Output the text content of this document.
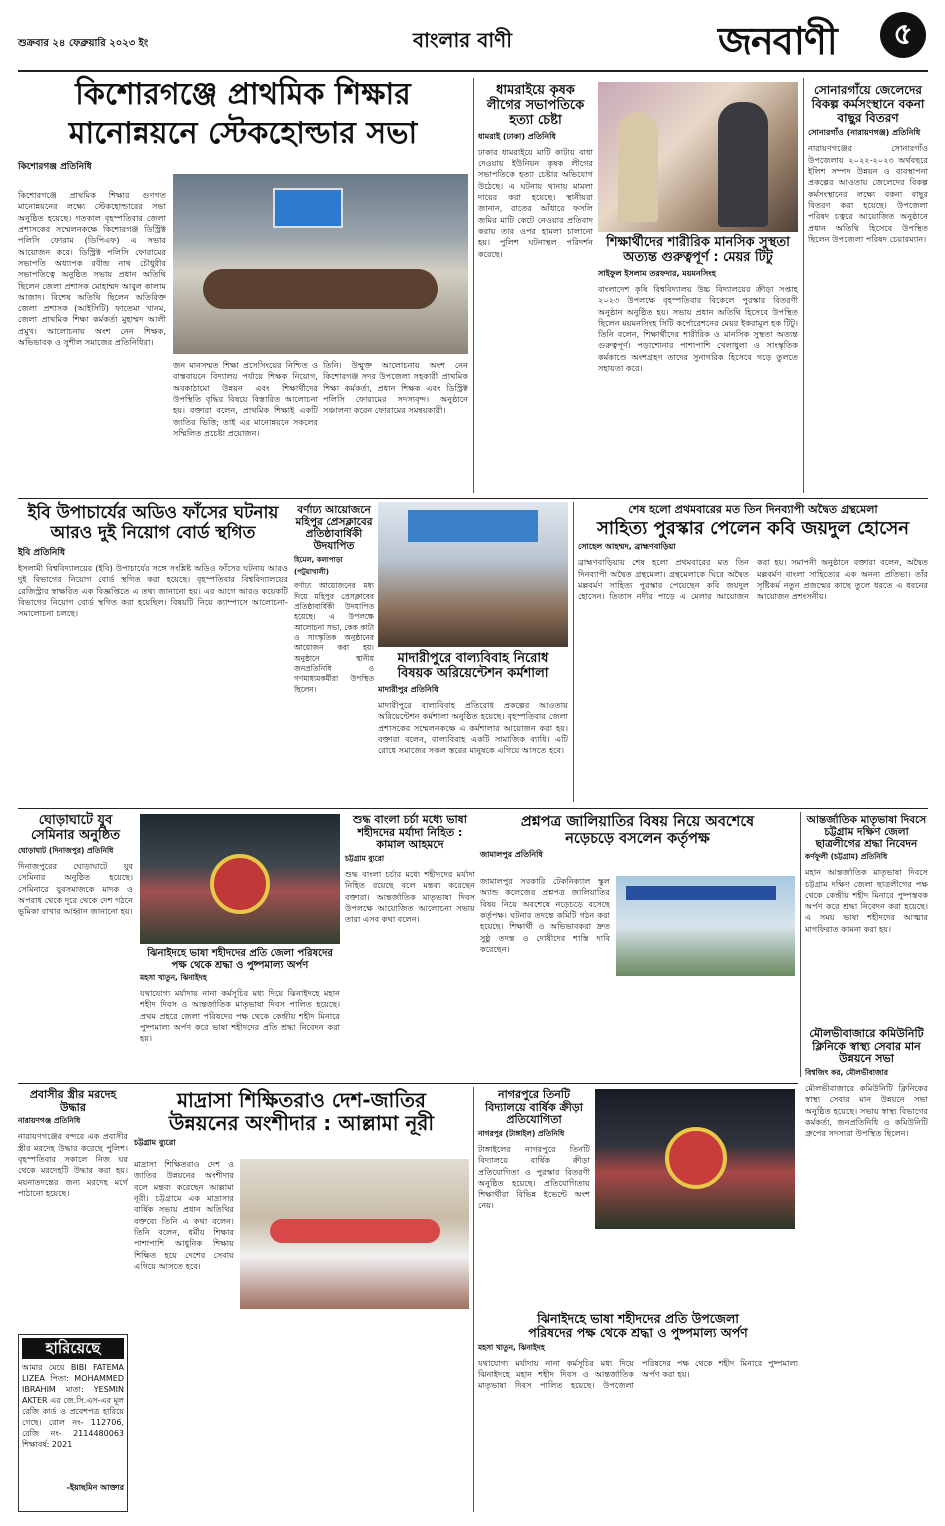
শুক্রবার ২৪ ফেব্রুয়ারি ২০২৩ ইং	বাংলার বাণী	জনবাণী	৫
কিশোরগঞ্জে প্রাথমিক শিক্ষার
মানোন্নয়নে স্টেকহোল্ডার সভা
কিশোরগঞ্জ প্রতিনিধি

কিশোরগঞ্জে প্রাথমিক শিক্ষার গুণগত মানোন্নয়নের লক্ষ্যে স্টেকহোল্ডারের সভা অনুষ্ঠিত হয়েছে। গতকাল বৃহস্পতিবার জেলা প্রশাসকের সম্মেলনকক্ষে কিশোরগঞ্জ ডিস্ট্রিক্ট পলিসি ফোরাম (ডিপিএফ) এ সভার আয়োজন করে। ডিস্ট্রিক্ট পলিসি ফোরামের সভাপতি অধ্যাপক রবীন্দ্র নাথ চৌধুরীর সভাপতিত্বে অনুষ্ঠিত সভায় প্রধান অতিথি ছিলেন জেলা প্রশাসক মোহাম্মদ আবুল কালাম আজাদ। বিশেষ অতিথি ছিলেন অতিরিক্ত জেলা প্রশাসক (আইসিটি) ফাতেমা খানম, জেলা প্রাথমিক শিক্ষা কর্মকর্তা মুহাম্মদ আলী প্রমুখ। আলোচনায় অংশ নেন শিক্ষক, অভিভাবক ও সুশীল সমাজের প্রতিনিধিরা।

জন মানসম্মত শিক্ষা প্রসেসিংয়ের নিশ্চিত ও বাস্তবায়নে বিদ্যালয় পর্যায়ে শিক্ষক নিয়োগ, অবকাঠামো উন্নয়ন এবং শিক্ষার্থীদের উপস্থিতি বৃদ্ধির বিষয়ে বিস্তারিত আলোচনা হয়। বক্তারা বলেন, প্রাথমিক শিক্ষাই একটি জাতির ভিত্তি; তাই এর মানোন্নয়নে সকলের সম্মিলিত প্রচেষ্টা প্রয়োজন।

তিনি। উন্মুক্ত আলোচনায় অংশ নেন কিশোরগঞ্জ সদর উপজেলা সহকারী প্রাথমিক শিক্ষা কর্মকর্তা, প্রধান শিক্ষক এবং ডিস্ট্রিক্ট পলিসি ফোরামের সদস্যবৃন্দ। অনুষ্ঠানে সঞ্চালনা করেন ফোরামের সমন্বয়কারী।

ধামরাইয়ে কৃষক লীগের সভাপতিকে হত্যা চেষ্টা
ধামরাই (ঢাকা) প্রতিনিধি

ঢাকার ধামরাইয়ে মাটি কাটায় বাধা দেওয়ায় ইউনিয়ন কৃষক লীগের সভাপতিকে হত্যা চেষ্টার অভিযোগ উঠেছে। এ ঘটনায় থানায় মামলা দায়ের করা হয়েছে। স্থানীয়রা জানান, রাতের আঁধারে ফসলি জমির মাটি কেটে নেওয়ার প্রতিবাদ করায় তার ওপর হামলা চালানো হয়। পুলিশ ঘটনাস্থল পরিদর্শন করেছে।

শিক্ষার্থীদের শারীরিক মানসিক সুস্থতা
অত্যন্ত গুরুত্বপূর্ণ : মেয়র টিটু
সাইফুল ইসলাম তরফদার, ময়মনসিংহ

বাংলাদেশ কৃষি বিশ্ববিদ্যালয় উচ্চ বিদ্যালয়ের ক্রীড়া সপ্তাহ ২০২৩ উপলক্ষে বৃহস্পতিবার বিকেলে পুরস্কার বিতরণী অনুষ্ঠান অনুষ্ঠিত হয়। সভায় প্রধান অতিথি হিসেবে উপস্থিত ছিলেন ময়মনসিংহ সিটি কর্পোরেশনের মেয়র ইকরামুল হক টিটু। তিনি বলেন, শিক্ষার্থীদের শারীরিক ও মানসিক সুস্থতা অত্যন্ত গুরুত্বপূর্ণ। পড়াশোনার পাশাপাশি খেলাধুলা ও সাংস্কৃতিক কর্মকাণ্ডে অংশগ্রহণ তাদের সুনাগরিক হিসেবে গড়ে তুলতে সহায়তা করে।

সোনারগাঁয়ে জেলেদের বিকল্প কর্মসংস্থানে বকনা বাছুর বিতরণ
সোনারগাঁও (নারায়ণগঞ্জ) প্রতিনিধি

নারায়ণগঞ্জের সোনারগাঁও উপজেলায় ২০২২-২০২৩ অর্থবছরে ইলিশ সম্পদ উন্নয়ন ও ব্যবস্থাপনা প্রকল্পের আওতায় জেলেদের বিকল্প কর্মসংস্থানের লক্ষ্যে বকনা বাছুর বিতরণ করা হয়েছে। উপজেলা পরিষদ চত্বরে আয়োজিত অনুষ্ঠানে প্রধান অতিথি হিসেবে উপস্থিত ছিলেন উপজেলা পরিষদ চেয়ারম্যান।

ইবি উপাচার্যের অডিও ফাঁসের ঘটনায়
আরও দুই নিয়োগ বোর্ড স্থগিত
ইবি প্রতিনিধি

ইসলামী বিশ্ববিদ্যালয়ের (ইবি) উপাচার্যের সঙ্গে সংশ্লিষ্ট অডিও ফাঁসের ঘটনায় আরও দুই বিভাগের নিয়োগ বোর্ড স্থগিত করা হয়েছে। বৃহস্পতিবার বিশ্ববিদ্যালয়ের রেজিস্ট্রার স্বাক্ষরিত এক বিজ্ঞপ্তিতে এ তথ্য জানানো হয়। এর আগে আরও কয়েকটি বিভাগের নিয়োগ বোর্ড স্থগিত করা হয়েছিল। বিষয়টি নিয়ে ক্যাম্পাসে আলোচনা-সমালোচনা চলছে।

বর্ণাঢ্য আয়োজনে মহিপুর প্রেসক্লাবের প্রতিষ্ঠাবার্ষিকী উদযাপিত
হিমেল, কলাপাড়া (পটুয়াখালী)

বর্ণাঢ্য আয়োজনের মধ্য দিয়ে মহিপুর প্রেসক্লাবের প্রতিষ্ঠাবার্ষিকী উদযাপিত হয়েছে। এ উপলক্ষে আলোচনা সভা, কেক কাটা ও সাংস্কৃতিক অনুষ্ঠানের আয়োজন করা হয়। অনুষ্ঠানে স্থানীয় জনপ্রতিনিধি ও গণমাধ্যমকর্মীরা উপস্থিত ছিলেন।

মাদারীপুরে বাল্যবিবাহ নিরোধ
বিষয়ক অরিয়েন্টেশন কর্মশালা
মাদারীপুর প্রতিনিধি

মাদারীপুরে বাল্যবিবাহ প্রতিরোধ প্রকল্পের আওতায় অরিয়েন্টেশন কর্মশালা অনুষ্ঠিত হয়েছে। বৃহস্পতিবার জেলা প্রশাসকের সম্মেলনকক্ষে এ কর্মশালার আয়োজন করা হয়। বক্তারা বলেন, বাল্যবিবাহ একটি সামাজিক ব্যাধি। এটি রোধে সমাজের সকল স্তরের মানুষকে এগিয়ে আসতে হবে।

শেষ হলো প্রথমবারের মত তিন দিনব্যাপী অদ্বৈত গ্রন্থমেলা
সাহিত্য পুরস্কার পেলেন কবি জয়দুল হোসেন
সোহেল আহম্মদ, ব্রাহ্মণবাড়িয়া

ব্রাহ্মণবাড়িয়ায় শেষ হলো প্রথমবারের মত তিন দিনব্যাপী অদ্বৈত গ্রন্থমেলা। গ্রন্থমেলাকে ঘিরে অদ্বৈত মল্লবর্মণ সাহিত্য পুরস্কার পেয়েছেন কবি জয়দুল হোসেন। তিতাস নদীর পাড়ে এ মেলার আয়োজন করা হয়। সমাপনী অনুষ্ঠানে বক্তারা বলেন, অদ্বৈত মল্লবর্মণ বাংলা সাহিত্যের এক অনন্য প্রতিভা। তাঁর সৃষ্টিকর্ম নতুন প্রজন্মের কাছে তুলে ধরতে এ ধরনের আয়োজন প্রশংসনীয়।

ঘোড়াঘাটে যুব সেমিনার অনুষ্ঠিত
ঘোড়াঘাট (দিনাজপুর) প্রতিনিধি

দিনাজপুরের ঘোড়াঘাটে যুব সেমিনার অনুষ্ঠিত হয়েছে। সেমিনারে যুবসমাজকে মাদক ও অপরাধ থেকে দূরে থেকে দেশ গঠনে ভূমিকা রাখার আহ্বান জানানো হয়।

ঝিনাইদহে ভাষা শহীদদের প্রতি জেলা পরিষদের
পক্ষ থেকে শ্রদ্ধা ও পুষ্পমাল্য অর্পণ
মহসা খাতুন, ঝিনাইদহ

যথাযোগ্য মর্যাদায় নানা কর্মসূচির মধ্য দিয়ে ঝিনাইদহে মহান শহীদ দিবস ও আন্তর্জাতিক মাতৃভাষা দিবস পালিত হয়েছে। প্রথম প্রহরে জেলা পরিষদের পক্ষ থেকে কেন্দ্রীয় শহীদ মিনারে পুষ্পমাল্য অর্পণ করে ভাষা শহীদদের প্রতি শ্রদ্ধা নিবেদন করা হয়।

শুদ্ধ বাংলা চর্চা মধ্যে ভাষা শহীদদের মর্যাদা নিহিত : কামাল আহমদে
চট্টগ্রাম ব্যুরো

শুদ্ধ বাংলা চর্চার মধ্যে শহীদদের মর্যাদা নিহিত রয়েছে বলে মন্তব্য করেছেন বক্তারা। আন্তর্জাতিক মাতৃভাষা দিবস উপলক্ষে আয়োজিত আলোচনা সভায় তারা এসব কথা বলেন।

প্রশ্নপত্র জালিয়াতির বিষয় নিয়ে অবশেষে
নড়েচড়ে বসলেন কর্তৃপক্ষ
জামালপুর প্রতিনিধি

জামালপুর সরকারি টেকনিক্যাল স্কুল অ্যান্ড কলেজের প্রশ্নপত্র জালিয়াতির বিষয় নিয়ে অবশেষে নড়েচড়ে বসেছে কর্তৃপক্ষ। ঘটনার তদন্তে কমিটি গঠন করা হয়েছে। শিক্ষার্থী ও অভিভাবকরা দ্রুত সুষ্ঠু তদন্ত ও দোষীদের শাস্তি দাবি করেছেন।

আন্তর্জাতিক মাতৃভাষা দিবসে চট্টগ্রাম দক্ষিণ জেলা ছাত্রলীগের শ্রদ্ধা নিবেদন
কর্ণফুলী (চট্টগ্রাম) প্রতিনিধি

মহান আন্তর্জাতিক মাতৃভাষা দিবসে চট্টগ্রাম দক্ষিণ জেলা ছাত্রলীগের পক্ষ থেকে কেন্দ্রীয় শহীদ মিনারে পুষ্পস্তবক অর্পণ করে শ্রদ্ধা নিবেদন করা হয়েছে। এ সময় ভাষা শহীদদের আত্মার মাগফিরাত কামনা করা হয়।

মৌলভীবাজারে কমিউনিটি ক্লিনিকে স্বাস্থ্য সেবার মান উন্নয়নে সভা
বিশ্বজিৎ কর, মৌলভীবাজার

মৌলভীবাজারে কমিউনিটি ক্লিনিকের স্বাস্থ্য সেবার মান উন্নয়নে সভা অনুষ্ঠিত হয়েছে। সভায় স্বাস্থ্য বিভাগের কর্মকর্তা, জনপ্রতিনিধি ও কমিউনিটি গ্রুপের সদস্যরা উপস্থিত ছিলেন।

প্রবাসীর স্ত্রীর মরদেহ উদ্ধার
নারায়ণগঞ্জ প্রতিনিধি

নারায়ণগঞ্জের বন্দরে এক প্রবাসীর স্ত্রীর মরদেহ উদ্ধার করেছে পুলিশ। বৃহস্পতিবার সকালে নিজ ঘর থেকে মরদেহটি উদ্ধার করা হয়। ময়নাতদন্তের জন্য মরদেহ মর্গে পাঠানো হয়েছে।

হারিয়েছে

আমার মেয়ে BIBI FATEMA LIZEA পিতা: MOHAMMED IBRAHIM মাতা: YESMIN AKTER এর জে.সি.এস-এর মূল রেজি কার্ড ও প্রবেশপত্র হারিয়ে গেছে। রোল নং- 112706, রেজি নং- 2114480063 শিক্ষাবর্ষ: 2021

-ইয়াছমিন আক্তার
মাদ্রাসা শিক্ষিতরাও দেশ-জাতির
উন্নয়নের অংশীদার : আল্লামা নূরী
চট্টগ্রাম ব্যুরো

মাদ্রাসা শিক্ষিতরাও দেশ ও জাতির উন্নয়নের অংশীদার বলে মন্তব্য করেছেন আল্লামা নূরী। চট্টগ্রামে এক মাদ্রাসার বার্ষিক সভায় প্রধান অতিথির বক্তব্যে তিনি এ কথা বলেন। তিনি বলেন, ধর্মীয় শিক্ষার পাশাপাশি আধুনিক শিক্ষায় শিক্ষিত হয়ে দেশের সেবায় এগিয়ে আসতে হবে।

নাগরপুরে তিনটি বিদ্যালয়ে বার্ষিক ক্রীড়া প্রতিযোগিতা
নাগরপুর (টাঙ্গাইল) প্রতিনিধি

টাঙ্গাইলের নাগরপুরে তিনটি বিদ্যালয়ে বার্ষিক ক্রীড়া প্রতিযোগিতা ও পুরস্কার বিতরণী অনুষ্ঠিত হয়েছে। প্রতিযোগিতায় শিক্ষার্থীরা বিভিন্ন ইভেন্টে অংশ নেয়।

ঝিনাইদহে ভাষা শহীদদের প্রতি উপজেলা
পরিষদের পক্ষ থেকে শ্রদ্ধা ও পুষ্পমাল্য অর্পণ
মহসা খাতুন, ঝিনাইদহ

যথাযোগ্য মর্যাদায় নানা কর্মসূচির মধ্য দিয়ে ঝিনাইদহে মহান শহীদ দিবস ও আন্তর্জাতিক মাতৃভাষা দিবস পালিত হয়েছে। উপজেলা পরিষদের পক্ষ থেকে শহীদ মিনারে পুষ্পমাল্য অর্পণ করা হয়।
